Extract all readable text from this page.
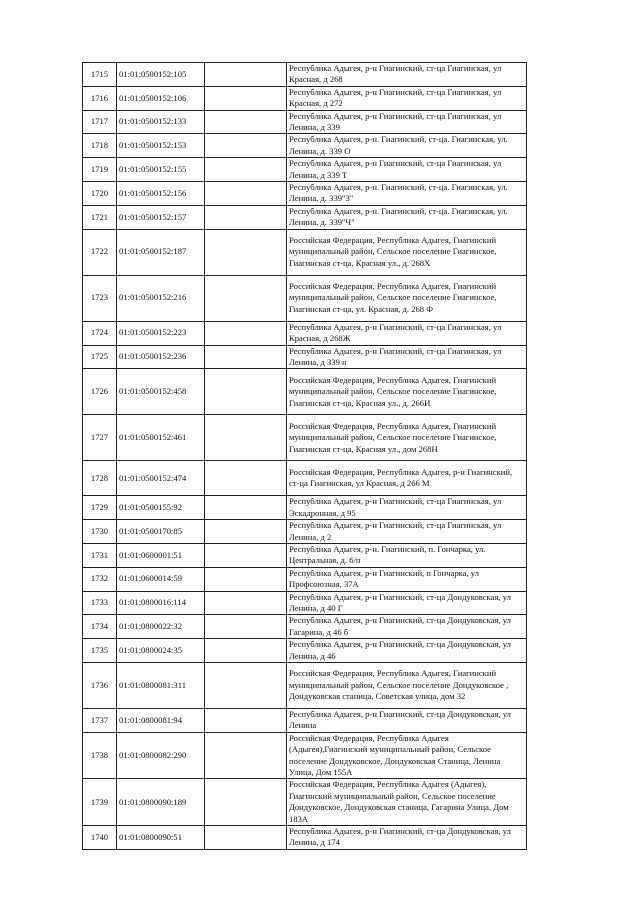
1715	01:01:0500152:105		Республика Адыгея, р-н Гиагинский, ст-ца Гиагинская, ул Красная, д 268
1716	01:01:0500152:106		Республика Адыгея, р-н Гиагинский, ст-ца Гиагинская, ул Красная, д 272
1717	01:01:0500152:133		Республика Адыгея, р-н Гиагинский, ст-ца Гиагинская, ул Ленина, д 339
1718	01:01:0500152:153		Республика Адыгея, р-н. Гиагинский, ст-ца. Гиагинская, ул. Ленина, д. 339 О
1719	01:01:0500152:155		Республика Адыгея, р-н Гиагинский, ст-ца Гиагинская, ул Ленина, д 339 Т
1720	01:01:0500152:156		Республика Адыгея, р-н. Гиагинский, ст-ца. Гиагинская, ул. Ленина, д. 339"З"
1721	01:01:0500152:157		Республика Адыгея, р-н. Гиагинский, ст-ца. Гиагинская, ул. Ленина, д. 339"Ч"
1722	01:01:0500152:187		Российская Федерация, Республика Адыгея, Гиагинский муниципальный район, Сельское поселение Гиагинское, Гиагинская ст-ца, Красная ул., д. 268Х
1723	01:01:0500152:216		Российская Федерация, Республика Адыгея, Гиагинский муниципальный район, Сельское поселение Гиагинское, Гиагинская ст-ца, ул. Красная, д. 268 Ф
1724	01:01:0500152:223		Республика Адыгея, р-н Гиагинский, ст-ца Гиагинская, ул Красная, д 268Ж
1725	01:01:0500152:236		Республика Адыгея, р-н Гиагинский, ст-ца Гиагинская, ул Ленина, д 339 н
1726	01:01:0500152:458		Российская Федерация, Республика Адыгея, Гиагинский муниципальный район, Сельское поселение Гиагинское, Гиагинская ст-ца, Красная ул., д. 266И
1727	01:01:0500152:461		Российская Федерация, Республика Адыгея, Гиагинский муниципальный район, Сельское поселение Гиагинское, Гиагинская ст-ца, Красная ул., дом 268Н
1728	01:01:0500152:474		Российская Федерация, Республика Адыгея, р-н Гиагинский, ст-ца Гиагинская, ул Красная, д 266 М
1729	01:01:0500155:92		Республика Адыгея, р-н Гиагинский, ст-ца Гиагинская, ул Эскадронная, д 95
1730	01:01:0500170:85		Республика Адыгея, р-н Гиагинский, ст-ца Гиагинская, ул Ленина, д 2
1731	01:01:0600001:51		Республика Адыгея, р-н. Гиагинский, п. Гончарка, ул. Центральная, д. 6/п
1732	01:01:0600014:59		Республика Адыгея, р-н Гиагинский, п Гончарка, ул Профсоюзная, 37А
1733	01:01:0800016:114		Республика Адыгея, р-н Гиагинский, ст-ца Дондуковская, ул Ленина, д 40 Г
1734	01:01:0800022:32		Республика Адыгея, р-н Гиагинский, ст-ца Дондуковская, ул Гагарина, д 46 б
1735	01:01:0800024:35		Республика Адыгея, р-н Гиагинский, ст-ца Дондуковская, ул Ленина, д 46
1736	01:01:0800081:311		Российская Федерация, Республика Адыгея, Гиагинский муниципальный район, Сельское поселение Дондуковское , Дондуковская станица, Советская улица, дом 32
1737	01:01:0800081:94		Республика Адыгея, р-н Гиагинский, ст-ца Дондуковская, ул Ленина
1738	01:01:0800082:290		Российская Федерация, Республика Адыгея (Адыгея),Гиагинский муниципальный район, Сельское поселение Дондуковское, Дондуковская Станица, Ленина Улица, Дом 155А
1739	01:01:0800090:189		Российская Федерация, Республика Адыгея (Адыгея), Гиагинский муниципальный район, Сельское поселение Дондуковское, Дондуковская станица, Гагарина Улица, Дом 183А
1740	01:01:0800090:51		Республика Адыгея, р-н Гиагинский, ст-ца Дондуковская, ул Ленина, д 174
